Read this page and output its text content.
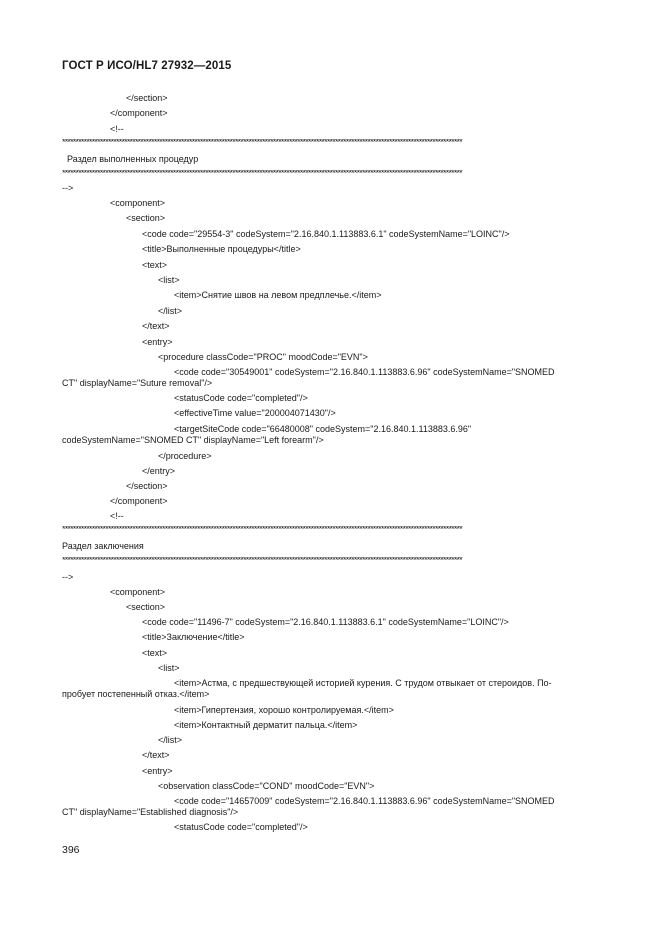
ГОСТ Р ИСО/HL7 27932—2015
</section>
</component>
<!--
****************************************************************************************************************************************************
Раздел выполненных процедур
****************************************************************************************************************************************************
-->
<component>
<section>
<code code="29554-3" codeSystem="2.16.840.1.113883.6.1" codeSystemName="LOINC"/>
<title>Выполненные процедуры</title>
<text>
<list>
<item>Снятие швов на левом предплечье.</item>
</list>
</text>
<entry>
<procedure classCode="PROC" moodCode="EVN">
<code code="30549001" codeSystem="2.16.840.1.113883.6.96" codeSystemName="SNOMED
CT" displayName="Suture removal"/>
<statusCode code="completed"/>
<effectiveTime value="200004071430"/>
<targetSiteCode code="66480008" codeSystem="2.16.840.1.113883.6.96"
codeSystemName="SNOMED CT" displayName="Left forearm"/>
</procedure>
</entry>
</section>
</component>
<!--
****************************************************************************************************************************************************
Раздел заключения
****************************************************************************************************************************************************
-->
<component>
<section>
<code code="11496-7" codeSystem="2.16.840.1.113883.6.1" codeSystemName="LOINC"/>
<title>Заключение</title>
<text>
<list>
<item>Астма, с предшествующей историей курения. С трудом отвыкает от стероидов. По-
пробует постепенный отказ.</item>
<item>Гипертензия, хорошо контролируемая.</item>
<item>Контактный дерматит пальца.</item>
</list>
</text>
<entry>
<observation classCode="COND" moodCode="EVN">
<code code="14657009" codeSystem="2.16.840.1.113883.6.96" codeSystemName="SNOMED
CT" displayName="Established diagnosis"/>
<statusCode code="completed"/>
396
